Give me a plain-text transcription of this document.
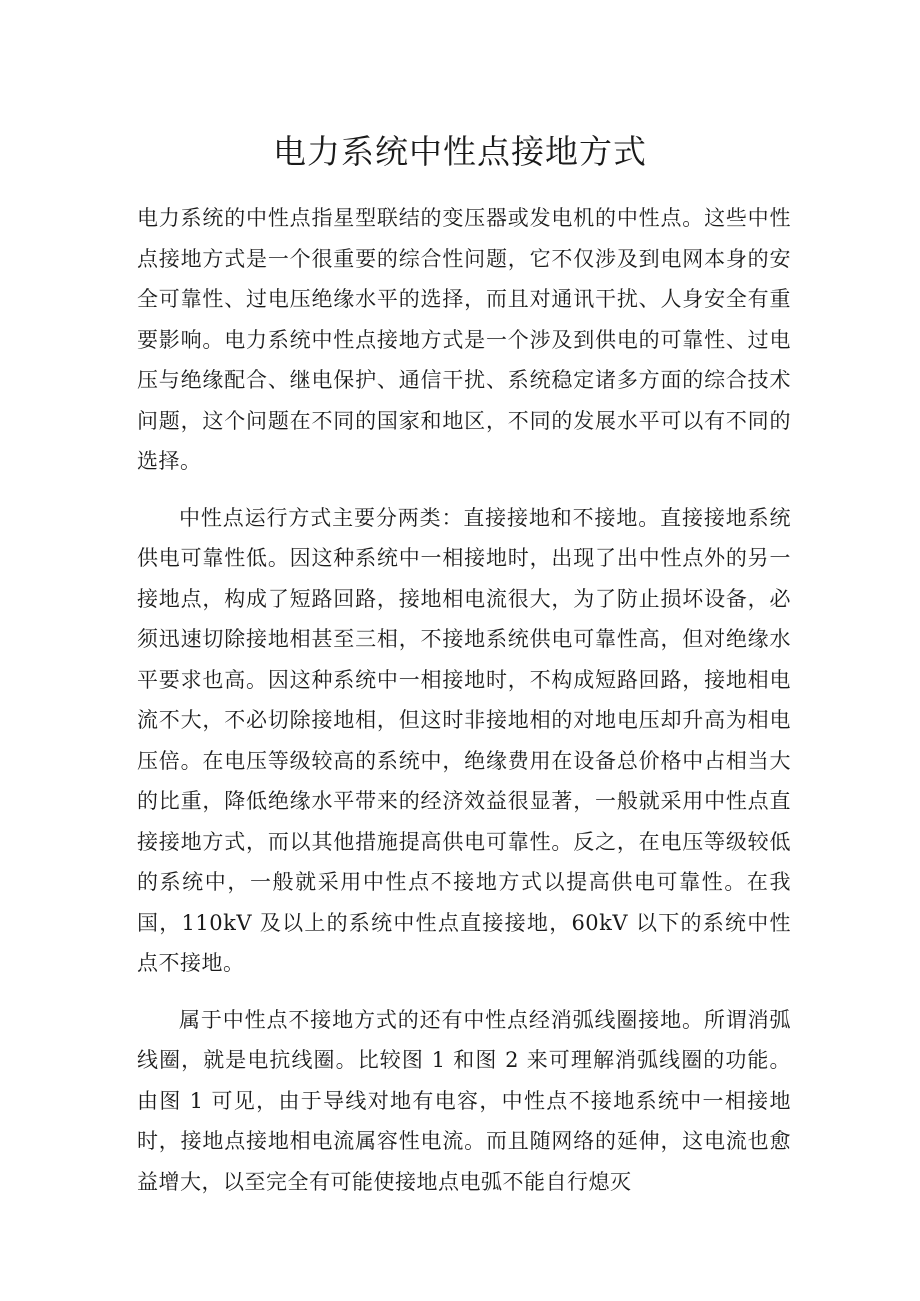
电力系统中性点接地方式

电力系统的中性点指星型联结的变压器或发电机的中性点。这些中性点接地方式是一个很重要的综合性问题，它不仅涉及到电网本身的安全可靠性、过电压绝缘水平的选择，而且对通讯干扰、人身安全有重要影响。电力系统中性点接地方式是一个涉及到供电的可靠性、过电压与绝缘配合、继电保护、通信干扰、系统稳定诸多方面的综合技术问题，这个问题在不同的国家和地区，不同的发展水平可以有不同的选择。

中性点运行方式主要分两类：直接接地和不接地。直接接地系统供电可靠性低。因这种系统中一相接地时，出现了出中性点外的另一接地点，构成了短路回路，接地相电流很大，为了防止损坏设备，必须迅速切除接地相甚至三相，不接地系统供电可靠性高，但对绝缘水平要求也高。因这种系统中一相接地时，不构成短路回路，接地相电流不大，不必切除接地相，但这时非接地相的对地电压却升高为相电压倍。在电压等级较高的系统中，绝缘费用在设备总价格中占相当大的比重，降低绝缘水平带来的经济效益很显著，一般就采用中性点直接接地方式，而以其他措施提高供电可靠性。反之，在电压等级较低的系统中，一般就采用中性点不接地方式以提高供电可靠性。在我国，110kV 及以上的系统中性点直接接地，60kV 以下的系统中性点不接地。

属于中性点不接地方式的还有中性点经消弧线圈接地。所谓消弧线圈，就是电抗线圈。比较图 1 和图 2 来可理解消弧线圈的功能。由图 1 可见，由于导线对地有电容，中性点不接地系统中一相接地时，接地点接地相电流属容性电流。而且随网络的延伸，这电流也愈益增大，以至完全有可能使接地点电弧不能自行熄灭
